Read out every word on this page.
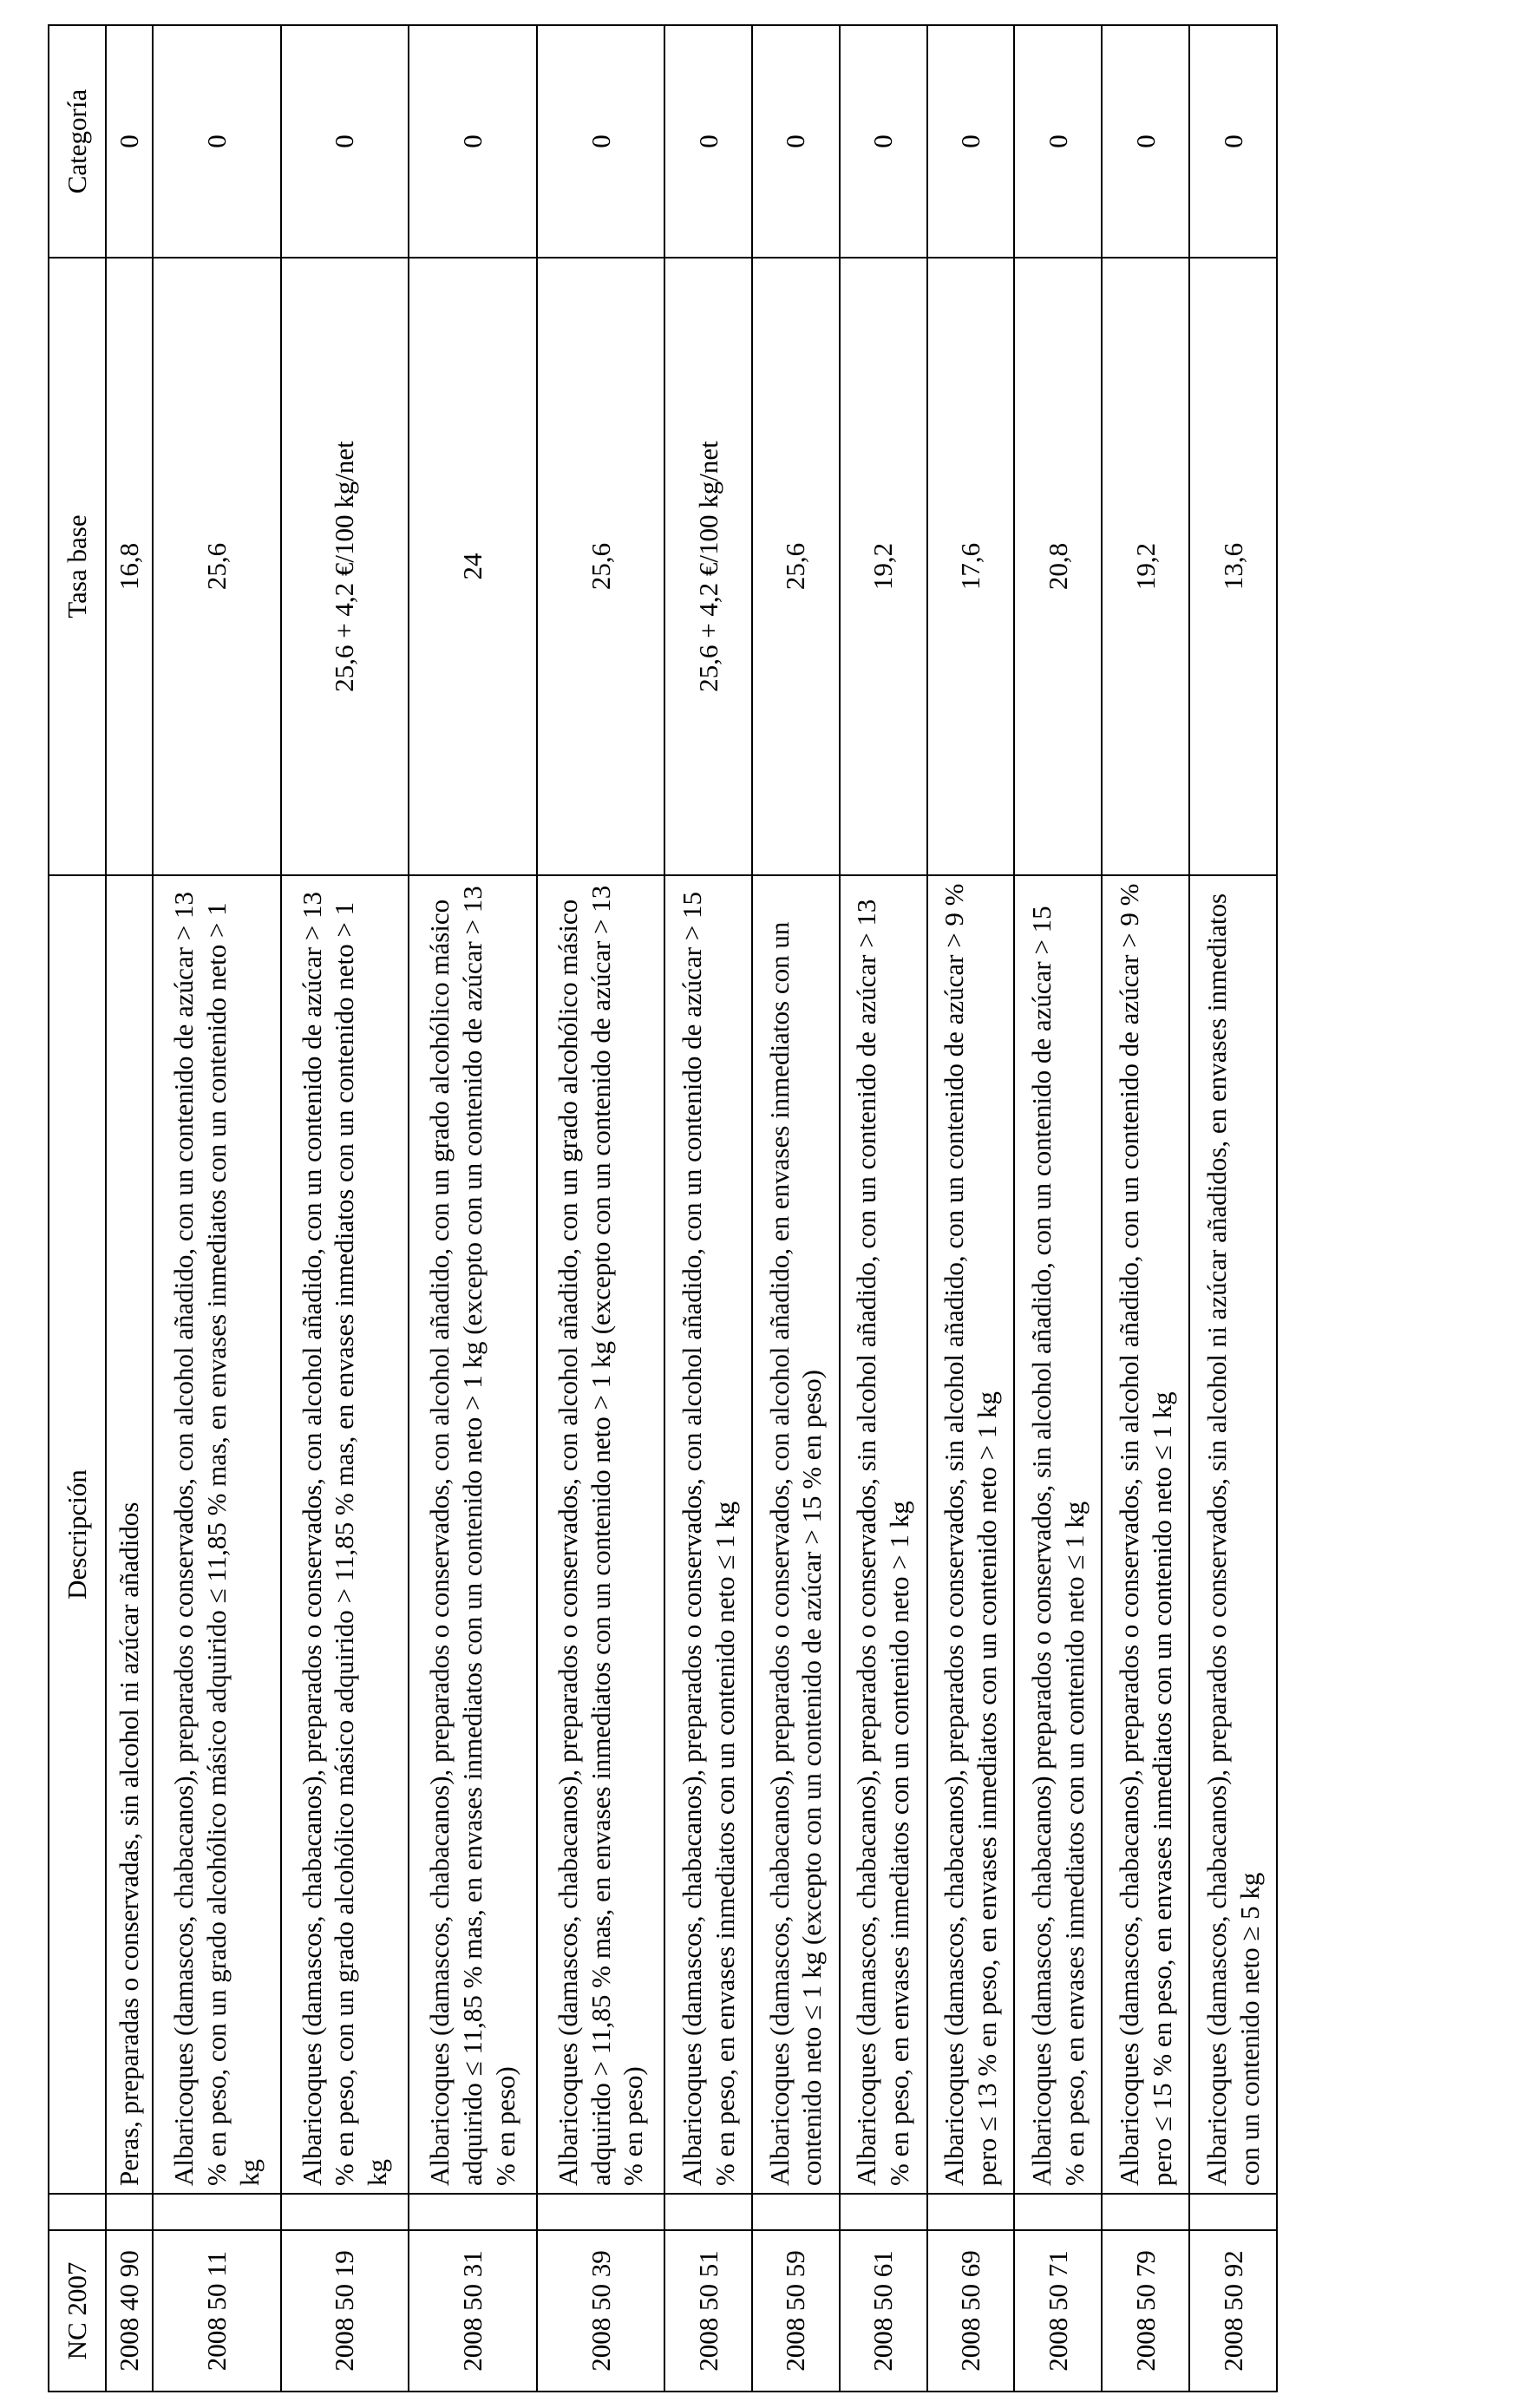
NC 2007		Descripción	Tasa base	Categoría
2008 40 90		Peras, preparadas o conservadas, sin alcohol ni azúcar añadidos	16,8	0
2008 50 11		Albaricoques (damascos, chabacanos), preparados o conservados, con alcohol añadido, con un contenido de azúcar > 13 % en peso, con un grado alcohólico másico adquirido ≤ 11,85 % mas, en envases inmediatos con un contenido neto > 1 kg	25,6	0
2008 50 19		Albaricoques (damascos, chabacanos), preparados o conservados, con alcohol añadido, con un contenido de azúcar > 13 % en peso, con un grado alcohólico másico adquirido > 11,85 % mas, en envases inmediatos con un contenido neto > 1 kg	25,6 + 4,2 €/100 kg/net	0
2008 50 31		Albaricoques (damascos, chabacanos), preparados o conservados, con alcohol añadido, con un grado alcohólico másico adquirido ≤ 11,85 % mas, en envases inmediatos con un contenido neto > 1 kg (excepto con un contenido de azúcar > 13 % en peso)	24	0
2008 50 39		Albaricoques (damascos, chabacanos), preparados o conservados, con alcohol añadido, con un grado alcohólico másico adquirido > 11,85 % mas, en envases inmediatos con un contenido neto > 1 kg (excepto con un contenido de azúcar > 13 % en peso)	25,6	0
2008 50 51		Albaricoques (damascos, chabacanos), preparados o conservados, con alcohol añadido, con un contenido de azúcar > 15 % en peso, en envases inmediatos con un contenido neto ≤ 1 kg	25,6 + 4,2 €/100 kg/net	0
2008 50 59		Albaricoques (damascos, chabacanos), preparados o conservados, con alcohol añadido, en envases inmediatos con un contenido neto ≤ 1 kg (excepto con un contenido de azúcar > 15 % en peso)	25,6	0
2008 50 61		Albaricoques (damascos, chabacanos), preparados o conservados, sin alcohol añadido, con un contenido de azúcar > 13 % en peso, en envases inmediatos con un contenido neto > 1 kg	19,2	0
2008 50 69		Albaricoques (damascos, chabacanos), preparados o conservados, sin alcohol añadido, con un contenido de azúcar > 9 % pero ≤ 13 % en peso, en envases inmediatos con un contenido neto > 1 kg	17,6	0
2008 50 71		Albaricoques (damascos, chabacanos) preparados o conservados, sin alcohol añadido, con un contenido de azúcar > 15 % en peso, en envases inmediatos con un contenido neto ≤ 1 kg	20,8	0
2008 50 79		Albaricoques (damascos, chabacanos), preparados o conservados, sin alcohol añadido, con un contenido de azúcar > 9 % pero ≤ 15 % en peso, en envases inmediatos con un contenido neto ≤ 1 kg	19,2	0
2008 50 92		Albaricoques (damascos, chabacanos), preparados o conservados, sin alcohol ni azúcar añadidos, en envases inmediatos con un contenido neto ≥ 5 kg	13,6	0
